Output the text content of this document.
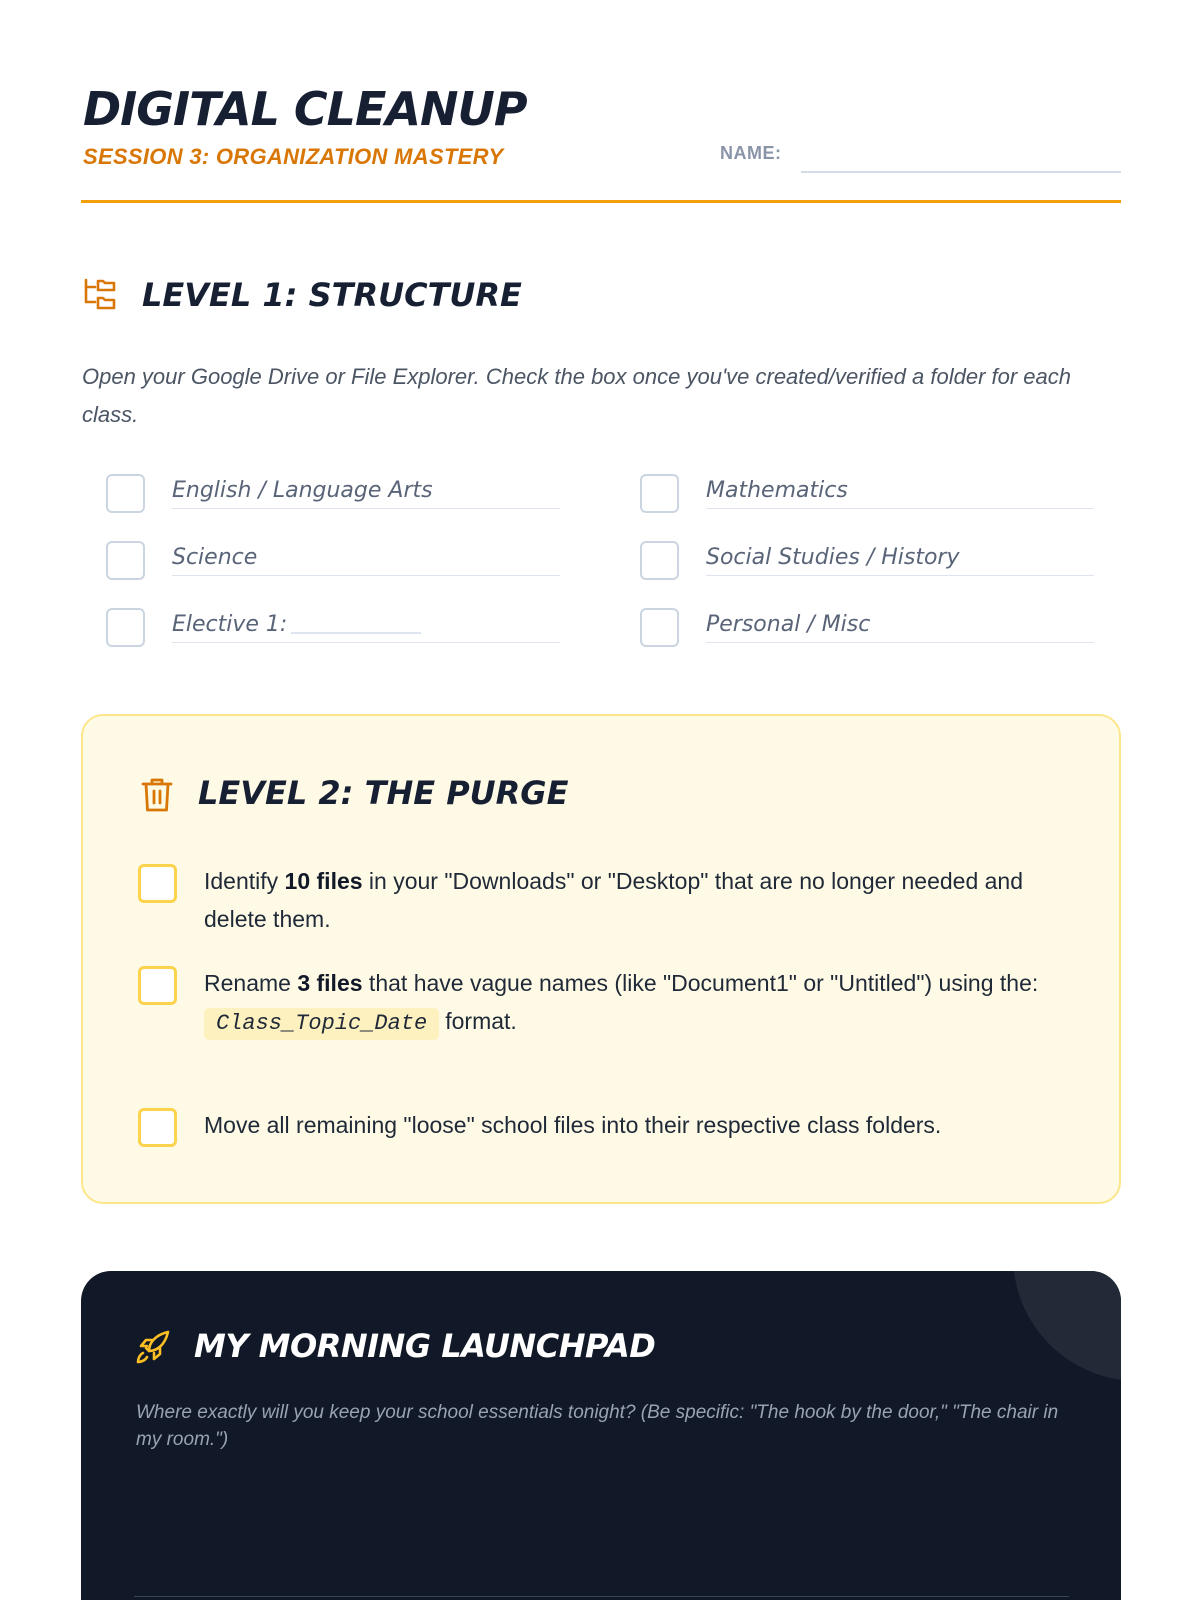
DIGITAL CLEANUP
SESSION 3: ORGANIZATION MASTERY	NAME:
LEVEL 1: STRUCTURE

Open your Google Drive or File Explorer. Check the box once you've created/verified a folder for each class.

English / Language Arts	Mathematics
Science	Social Studies / History
Elective 1:	Personal / Misc
LEVEL 2: THE PURGE

Identify 10 files in your "Downloads" or "Desktop" that are no longer needed and delete them.

Rename 3 files that have vague names (like "Document1" or "Untitled") using the:
Class_Topic_Date format.

Move all remaining "loose" school files into their respective class folders.

MY MORNING LAUNCHPAD

Where exactly will you keep your school essentials tonight? (Be specific: "The hook by the door," "The chair in my room.")
